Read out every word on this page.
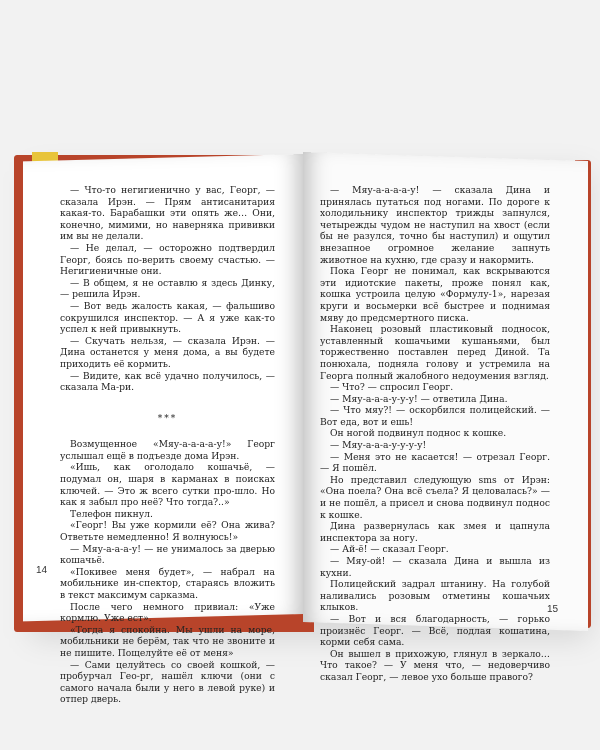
— Что-то негигиенично у вас, Георг, — сказала Ирэн. — Прям антисанитария какая-то. Барабашки эти опять же… Они, конечно, мимими, но наверняка прививки им вы не делали.

— Не делал, — осторожно подтвердил Георг, боясь по-верить своему счастью. — Негигиеничные они.

— В общем, я не оставлю я здесь Динку, — решила Ирэн.

— Вот ведь жалость какая, — фальшиво сокрушился инспектор. — А я уже как-то успел к ней привыкнуть.

— Скучать нельзя, — сказала Ирэн. — Дина останется у меня дома, а вы будете приходить её кормить.

— Видите, как всё удачно получилось, — сказала Ма-ри.

***

Возмущенное «Мяу-а-а-а-а-у!» Георг услышал ещё в подъезде дома Ирэн.

«Ишь, как оголодало кошачьё, — подумал он, шаря в карманах в поисках ключей. — Это ж всего сутки про-шло. Но как я забыл про неё? Что тогда?..»

Телефон пикнул.

«Георг! Вы уже кормили её? Она жива? Ответьте немедленно! Я волнуюсь!»

— Мяу-а-а-а-у! — не унималось за дверью кошачьё.

«Покивее меня будет», — набрал на мобильнике ин-спектор, стараясь вложить в текст максимум сарказма.

После чего немного привиал: «Уже кормлю. Уже ест».

«Тогда я спокойна. Мы ушли на море, мобильники не берём, так что не звоните и не пишите. Пощелуйте её от меня»

— Сами целуйтесь со своей кошкой, — пробурчал Гео-рг, нашёл ключи (они с самого начала были у него в левой руке) и отпер дверь.

14

— Мяу-а-а-а-а-у! — сказала Дина и принялась путаться под ногами. По дороге к холодильнику инспектор трижды запнулся, четырежды чудом не наступил на хвост (если бы не разулся, точно бы наступил) и ощутил внезапное огромное желание запнуть животное на кухню, где сразу и накормить.

Пока Георг не понимал, как вскрываются эти идиотские пакеты, проже понял как, кошка устроила целую «Формулу-1», нарезая круги и восьмерки всё быстрее и поднимая мяву до предсмертного писка.

Наконец розовый пластиковый подносок, уставленный кошачьими кушаньями, был торжественно поставлен перед Диной. Та понюхала, подняла голову и устремила на Георга полный жалобного недоумения взгляд.

— Что? — спросил Георг.

— Мяу-а-а-а-у-у-у! — ответила Дина.

— Что мяу?! — оскорбился полицейский. — Вот еда, вот и ешь!

Он ногой подвинул поднос к кошке.

— Мяу-а-а-а-у-у-у-у!

— Меня это не касается! — отрезал Георг. — Я пошёл.

Но представил следующую sms от Ирэн: «Она поела? Она всё съела? Я целовалась?» — и не пошёл, а присел и снова подвинул поднос к кошке.

Дина развернулась как змея и цапнула инспектора за ногу.

— Ай-ё! — сказал Георг.

— Мяу-ой! — сказала Дина и вышла из кухни.

Полицейский задрал штанину. На голубой наливались розовым отметины кошачьих клыков.

— Вот и вся благодарность, — горько произнёс Георг. — Всё, подлая кошатина, корми себя сама.

Он вышел в прихожую, глянул в зеркало… Что такое? — У меня что, — недоверчиво сказал Георг, — левое ухо больше правого?

15
